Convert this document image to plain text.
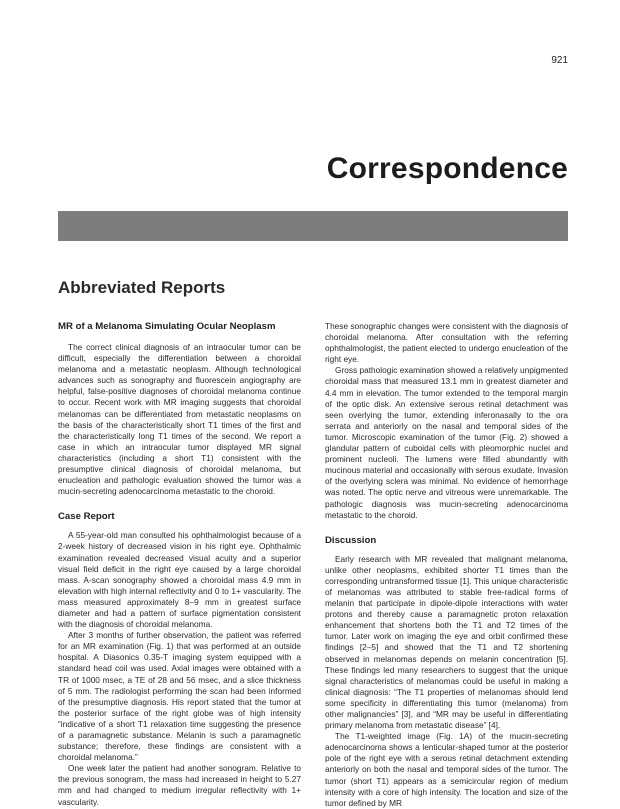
921
Correspondence
Abbreviated Reports
MR of a Melanoma Simulating Ocular Neoplasm

The correct clinical diagnosis of an intraocular tumor can be difficult, especially the differentiation between a choroidal melanoma and a metastatic neoplasm. Although technological advances such as sonography and fluorescein angiography are helpful, false-positive diagnoses of choroidal melanoma continue to occur. Recent work with MR imaging suggests that choroidal melanomas can be differentiated from metastatic neoplasms on the basis of the characteristically short T1 times of the first and the characteristically long T1 times of the second. We report a case in which an intraocular tumor displayed MR signal characteristics (including a short T1) consistent with the presumptive clinical diagnosis of choroidal melanoma, but enucleation and pathologic evaluation showed the tumor was a mucin-secreting adenocarcinoma metastatic to the choroid.

Case Report

A 55-year-old man consulted his ophthalmologist because of a 2-week history of decreased vision in his right eye. Ophthalmic examination revealed decreased visual acuity and a superior visual field deficit in the right eye caused by a large choroidal mass. A-scan sonography showed a choroidal mass 4.9 mm in elevation with high internal reflectivity and 0 to 1+ vascularity. The mass measured approximately 8–9 mm in greatest surface diameter and had a pattern of surface pigmentation consistent with the diagnosis of choroidal melanoma.

After 3 months of further observation, the patient was referred for an MR examination (Fig. 1) that was performed at an outside hospital. A Diasonics 0.35-T imaging system equipped with a standard head coil was used. Axial images were obtained with a TR of 1000 msec, a TE of 28 and 56 msec, and a slice thickness of 5 mm. The radiologist performing the scan had been informed of the presumptive diagnosis. His report stated that the tumor at the posterior surface of the right globe was of high intensity “indicative of a short T1 relaxation time suggesting the presence of a paramagnetic substance. Melanin is such a paramagnetic substance; therefore, these findings are consistent with a choroidal melanoma.”

One week later the patient had another sonogram. Relative to the previous sonogram, the mass had increased in height to 5.27 mm and had changed to medium irregular reflectivity with 1+ vascularity.

These sonographic changes were consistent with the diagnosis of choroidal melanoma. After consultation with the referring ophthalmologist, the patient elected to undergo enucleation of the right eye.

Gross pathologic examination showed a relatively unpigmented choroidal mass that measured 13.1 mm in greatest diameter and 4.4 mm in elevation. The tumor extended to the temporal margin of the optic disk. An extensive serous retinal detachment was seen overlying the tumor, extending inferonasally to the ora serrata and anteriorly on the nasal and temporal sides of the tumor. Microscopic examination of the tumor (Fig. 2) showed a glandular pattern of cuboidal cells with pleomorphic nuclei and prominent nucleoli. The lumens were filled abundantly with mucinous material and occasionally with serous exudate. Invasion of the overlying sclera was minimal. No evidence of hemorrhage was noted. The optic nerve and vitreous were unremarkable. The pathologic diagnosis was mucin-secreting adenocarcinoma metastatic to the choroid.

Discussion

Early research with MR revealed that malignant melanoma, unlike other neoplasms, exhibited shorter T1 times than the corresponding untransformed tissue [1]. This unique characteristic of melanomas was attributed to stable free-radical forms of melanin that participate in dipole-dipole interactions with water protons and thereby cause a paramagnetic proton relaxation enhancement that shortens both the T1 and T2 times of the tumor. Later work on imaging the eye and orbit confirmed these findings [2–5] and showed that the T1 and T2 shortening observed in melanomas depends on melanin concentration [5]. These findings led many researchers to suggest that the unique signal characteristics of melanomas could be useful in making a clinical diagnosis: “The T1 properties of melanomas should lend some specificity in differentiating this tumor (melanoma) from other malignancies” [3], and “MR may be useful in differentiating primary melanoma from metastatic disease” [4].

The T1-weighted image (Fig. 1A) of the mucin-secreting adenocarcinoma shows a lenticular-shaped tumor at the posterior pole of the right eye with a serous retinal detachment extending anteriorly on both the nasal and temporal sides of the tumor. The tumor (short T1) appears as a semicircular region of medium intensity with a core of high intensity. The location and size of the tumor defined by MR
